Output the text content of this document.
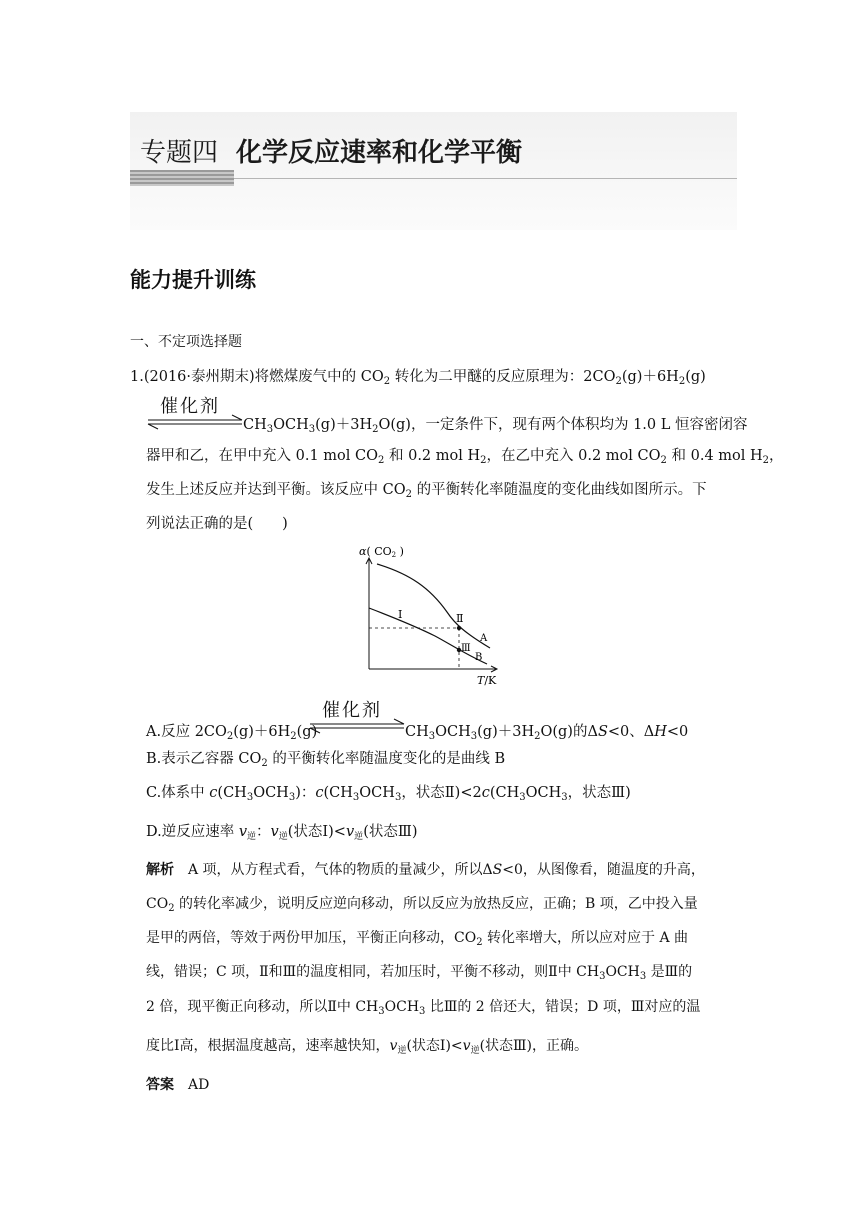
专题四 化学反应速率和化学平衡
能力提升训练
一、不定项选择题
1.(2016·泰州期末)将燃煤废气中的 $CO_2$ 转化为二甲醚的反应原理为：$2CO_2(g)+6H_2(g)$
催化剂
$CH_3OCH_3(g)+3H_2O(g)$，一定条件下，现有两个体积均为 1.0 L 恒容密闭容
器甲和乙，在甲中充入 0.1 mol $CO_2$ 和 0.2 mol $H_2$，在乙中充入 0.2 mol $CO_2$ 和 0.4 mol $H_2$，
发生上述反应并达到平衡。该反应中 $CO_2$ 的平衡转化率随温度的变化曲线如图所示。下
列说法正确的是(　　)
α( CO2 )
T/K
Ⅰ	Ⅱ
Ⅲ
A
B
A.反应 $2CO_2(g)+6H_2(g)$
催化剂
$CH_3OCH_3(g)+3H_2O(g)$的ΔS<0、ΔH<0
B.表示乙容器 $CO_2$ 的平衡转化率随温度变化的是曲线 B
C.体系中 $c(CH_3OCH_3)$：$c(CH_3OCH_3$，状态$Ⅱ)<2c(CH_3OCH_3$，状态Ⅲ)
D.逆反应速率 $v_逆$：$v_逆$(状态$Ⅰ)<v_逆$(状态Ⅲ)
解析　A 项，从方程式看，气体的物质的量减少，所以ΔS<0，从图像看，随温度的升高，
$CO_2$ 的转化率减少，说明反应逆向移动，所以反应为放热反应，正确；B 项，乙中投入量
是甲的两倍，等效于两份甲加压，平衡正向移动，$CO_2$ 转化率增大，所以应对应于 A 曲
线，错误；C 项，Ⅱ和Ⅲ的温度相同，若加压时，平衡不移动，则Ⅱ中 $CH_3OCH_3$ 是Ⅲ的
2 倍，现平衡正向移动，所以Ⅱ中 $CH_3OCH_3$ 比Ⅲ的 2 倍还大，错误；D 项，Ⅲ对应的温
度比Ⅰ高，根据温度越高，速率越快知，$v_逆$(状态$Ⅰ)<v_逆$(状态Ⅲ)，正确。
答案　 AD
